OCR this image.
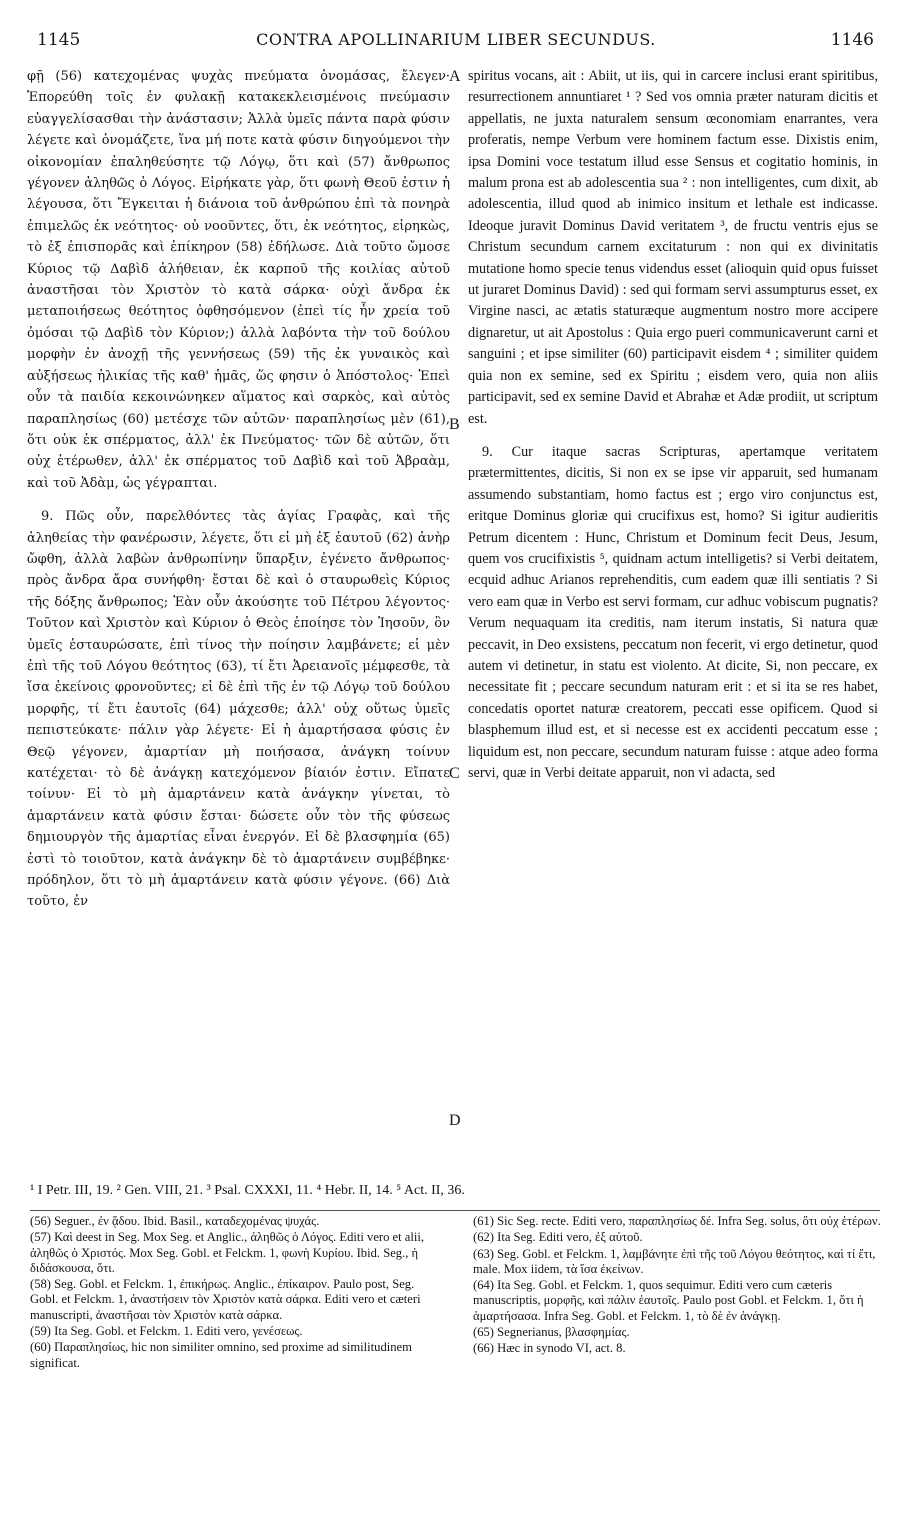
1145	CONTRA APOLLINARIUM LIBER SECUNDUS.	1146

φῇ (56) κατεχομένας ψυχὰς πνεύματα ὀνομάσας, ἔλεγεν· Ἐπορεύθη τοῖς ἐν φυλακῇ κατακεκλεισμένοις πνεύμασιν εὐαγγελίσασθαι τὴν ἀνάστασιν; Ἀλλὰ ὑμεῖς πάντα παρὰ φύσιν λέγετε καὶ ὀνομάζετε, ἵνα μή ποτε κατὰ φύσιν διηγούμενοι τὴν οἰκονομίαν ἐπαληθεύσητε τῷ Λόγῳ, ὅτι καὶ (57) ἄνθρωπος γέγονεν ἀληθῶς ὁ Λόγος. Εἰρήκατε γὰρ, ὅτι φωνὴ Θεοῦ ἐστιν ἡ λέγουσα, ὅτι Ἔγκειται ἡ διάνοια τοῦ ἀνθρώπου ἐπὶ τὰ πονηρὰ ἐπιμελῶς ἐκ νεότητος· οὐ νοοῦντες, ὅτι, ἐκ νεότητος, εἰρηκὼς, τὸ ἐξ ἐπισπορᾶς καὶ ἐπίκηρον (58) ἐδήλωσε. Διὰ τοῦτο ὤμοσε Κύριος τῷ Δαβὶδ ἀλήθειαν, ἐκ καρποῦ τῆς κοιλίας αὐτοῦ ἀναστῆσαι τὸν Χριστὸν τὸ κατὰ σάρκα· οὐχὶ ἄνδρα ἐκ μεταποιήσεως θεότητος ὀφθησόμενον (ἐπεὶ τίς ἦν χρεία τοῦ ὀμόσαι τῷ Δαβὶδ τὸν Κύριον;) ἀλλὰ λαβόντα τὴν τοῦ δούλου μορφὴν ἐν ἀνοχῇ τῆς γεννήσεως (59) τῆς ἐκ γυναικὸς καὶ αὐξήσεως ἡλικίας τῆς καθ' ἡμᾶς, ὥς φησιν ὁ Ἀπόστολος· Ἐπεὶ οὖν τὰ παιδία κεκοινώνηκεν αἵματος καὶ σαρκὸς, καὶ αὐτὸς παραπλησίως (60) μετέσχε τῶν αὐτῶν· παραπλησίως μὲν (61), ὅτι οὐκ ἐκ σπέρματος, ἀλλ' ἐκ Πνεύματος· τῶν δὲ αὐτῶν, ὅτι οὐχ ἑτέρωθεν, ἀλλ' ἐκ σπέρματος τοῦ Δαβὶδ καὶ τοῦ Ἀβραὰμ, καὶ τοῦ Ἀδὰμ, ὡς γέγραπται.

9. Πῶς οὖν, παρελθόντες τὰς ἁγίας Γραφὰς, καὶ τῆς ἀληθείας τὴν φανέρωσιν, λέγετε, ὅτι εἰ μὴ ἐξ ἑαυτοῦ (62) ἀνὴρ ὤφθη, ἀλλὰ λαβὼν ἀνθρωπίνην ὕπαρξιν, ἐγένετο ἄνθρωπος· πρὸς ἄνδρα ἄρα συνήφθη· ἔσται δὲ καὶ ὁ σταυρωθεὶς Κύριος τῆς δόξης ἄνθρωπος; Ἐὰν οὖν ἀκούσητε τοῦ Πέτρου λέγοντος· Τοῦτον καὶ Χριστὸν καὶ Κύριον ὁ Θεὸς ἐποίησε τὸν Ἰησοῦν, ὃν ὑμεῖς ἐσταυρώσατε, ἐπὶ τίνος τὴν ποίησιν λαμβάνετε; εἰ μὲν ἐπὶ τῆς τοῦ Λόγου θεότητος (63), τί ἔτι Ἀρειανοῖς μέμφεσθε, τὰ ἴσα ἐκείνοις φρονοῦντες; εἰ δὲ ἐπὶ τῆς ἐν τῷ Λόγῳ τοῦ δούλου μορφῆς, τί ἔτι ἑαυτοῖς (64) μάχεσθε; ἀλλ' οὐχ οὕτως ὑμεῖς πεπιστεύκατε· πάλιν γὰρ λέγετε· Εἰ ἡ ἁμαρτήσασα φύσις ἐν Θεῷ γέγονεν, ἁμαρτίαν μὴ ποιήσασα, ἀνάγκη τοίνυν κατέχεται· τὸ δὲ ἀνάγκῃ κατεχόμενον βίαιόν ἐστιν. Εἴπατε τοίνυν· Εἰ τὸ μὴ ἁμαρτάνειν κατὰ ἀνάγκην γίνεται, τὸ ἁμαρτάνειν κατὰ φύσιν ἔσται· δώσετε οὖν τὸν τῆς φύσεως δημιουργὸν τῆς ἁμαρτίας εἶναι ἐνεργόν. Εἰ δὲ βλασφημία (65) ἐστὶ τὸ τοιοῦτον, κατὰ ἀνάγκην δὲ τὸ ἁμαρτάνειν συμβέβηκε· πρόδηλον, ὅτι τὸ μὴ ἁμαρτάνειν κατὰ φύσιν γέγονε. (66) Διὰ τοῦτο, ἐν

A
B
C
D

spiritus vocans, ait : Abiit, ut iis, qui in carcere inclusi erant spiritibus, resurrectionem annuntiaret ¹ ? Sed vos omnia præter naturam dicitis et appellatis, ne juxta naturalem sensum œconomiam enarrantes, vera proferatis, nempe Verbum vere hominem factum esse. Dixistis enim, ipsa Domini voce testatum illud esse Sensus et cogitatio hominis, in malum prona est ab adolescentia sua ² : non intelligentes, cum dixit, ab adolescentia, illud quod ab inimico insitum et lethale est indicasse. Ideoque juravit Dominus David veritatem ³, de fructu ventris ejus se Christum secundum carnem excitaturum : non qui ex divinitatis mutatione homo specie tenus videndus esset (alioquin quid opus fuisset ut juraret Dominus David) : sed qui formam servi assumpturus esset, ex Virgine nasci, ac ætatis staturæque augmentum nostro more accipere dignaretur, ut ait Apostolus : Quia ergo pueri communicaverunt carni et sanguini ; et ipse similiter (60) participavit eisdem ⁴ ; similiter quidem quia non ex semine, sed ex Spiritu ; eisdem vero, quia non aliis participavit, sed ex semine David et Abrahæ et Adæ prodiit, ut scriptum est.

9. Cur itaque sacras Scripturas, apertamque veritatem prætermittentes, dicitis, Si non ex se ipse vir apparuit, sed humanam assumendo substantiam, homo factus est ; ergo viro conjunctus est, eritque Dominus gloriæ qui crucifixus est, homo? Si igitur audieritis Petrum dicentem : Hunc, Christum et Dominum fecit Deus, Jesum, quem vos crucifixistis ⁵, quidnam actum intelligetis? si Verbi deitatem, ecquid adhuc Arianos reprehenditis, cum eadem quæ illi sentiatis ? Si vero eam quæ in Verbo est servi formam, cur adhuc vobiscum pugnatis? Verum nequaquam ita creditis, nam iterum instatis, Si natura quæ peccavit, in Deo exsistens, peccatum non fecerit, vi ergo detinetur, quod autem vi detinetur, in statu est violento. At dicite, Si, non peccare, ex necessitate fit ; peccare secundum naturam erit : et si ita se res habet, concedatis oportet naturæ creatorem, peccati esse opificem. Quod si blasphemum illud est, et si necesse est ex accidenti peccatum esse ; liquidum est, non peccare, secundum naturam fuisse : atque adeo forma servi, quæ in Verbi deitate apparuit, non vi adacta, sed

¹ I Petr. III, 19. ² Gen. VIII, 21. ³ Psal. CXXXI, 11. ⁴ Hebr. II, 14. ⁵ Act. II, 36.

(56) Seguer., ἐν ᾅδου. Ibid. Basil., καταδεχομένας ψυχάς.

(57) Καὶ deest in Seg. Mox Seg. et Anglic., ἀληθῶς ὁ Λόγος. Editi vero et alii, ἀληθῶς ὁ Χριστός. Mox Seg. Gobl. et Felckm. 1, φωνὴ Κυρίου. Ibid. Seg., ἡ διδάσκουσα, ὅτι.

(58) Seg. Gobl. et Felckm. 1, ἐπικήρως. Anglic., ἐπίκαιρον. Paulo post, Seg. Gobl. et Felckm. 1, ἀναστήσειν τὸν Χριστὸν κατὰ σάρκα. Editi vero et cæteri manuscripti, ἀναστῆσαι τὸν Χριστὸν κατὰ σάρκα.

(59) Ita Seg. Gobl. et Felckm. 1. Editi vero, γενέσεως.

(60) Παραπλησίως, hic non similiter omnino, sed proxime ad similitudinem significat.

(61) Sic Seg. recte. Editi vero, παραπλησίως δέ. Infra Seg. solus, ὅτι οὐχ ἑτέρων.

(62) Ita Seg. Editi vero, ἐξ αὐτοῦ.

(63) Seg. Gobl. et Felckm. 1, λαμβάνητε ἐπὶ τῆς τοῦ Λόγου θεότητος, καὶ τί ἔτι, male. Mox iidem, τὰ ἴσα ἐκείνων.

(64) Ita Seg. Gobl. et Felckm. 1, quos sequimur. Editi vero cum cæteris manuscriptis, μορφῆς, καὶ πάλιν ἑαυτοῖς. Paulo post Gobl. et Felckm. 1, ὅτι ἡ ἁμαρτήσασα. Infra Seg. Gobl. et Felckm. 1, τὸ δὲ ἐν ἀνάγκῃ.

(65) Segnerianus, βλασφημίας.

(66) Hæc in synodo VI, act. 8.
